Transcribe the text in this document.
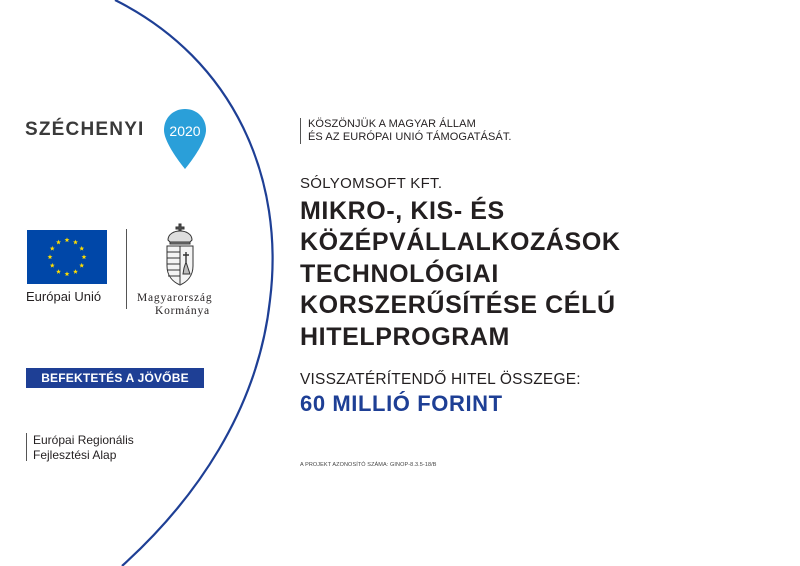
SZÉCHENYI 2020
Európai Unió	Magyarország
Kormánya
BEFEKTETÉS A JÖVŐBE
Európai Regionális
Fejlesztési Alap
KÖSZÖNJÜK A MAGYAR ÁLLAM
ÉS AZ EURÓPAI UNIÓ TÁMOGATÁSÁT.
SÓLYOMSOFT KFT.
MIKRO-, KIS- ÉS
KÖZÉPVÁLLALKOZÁSOK
TECHNOLÓGIAI
KORSZERŰSÍTÉSE CÉLÚ
HITELPROGRAM
VISSZATÉRÍTENDŐ HITEL ÖSSZEGE:
60 MILLIÓ FORINT
A PROJEKT AZONOSÍTÓ SZÁMA: GINOP-8.3.5-18/B
